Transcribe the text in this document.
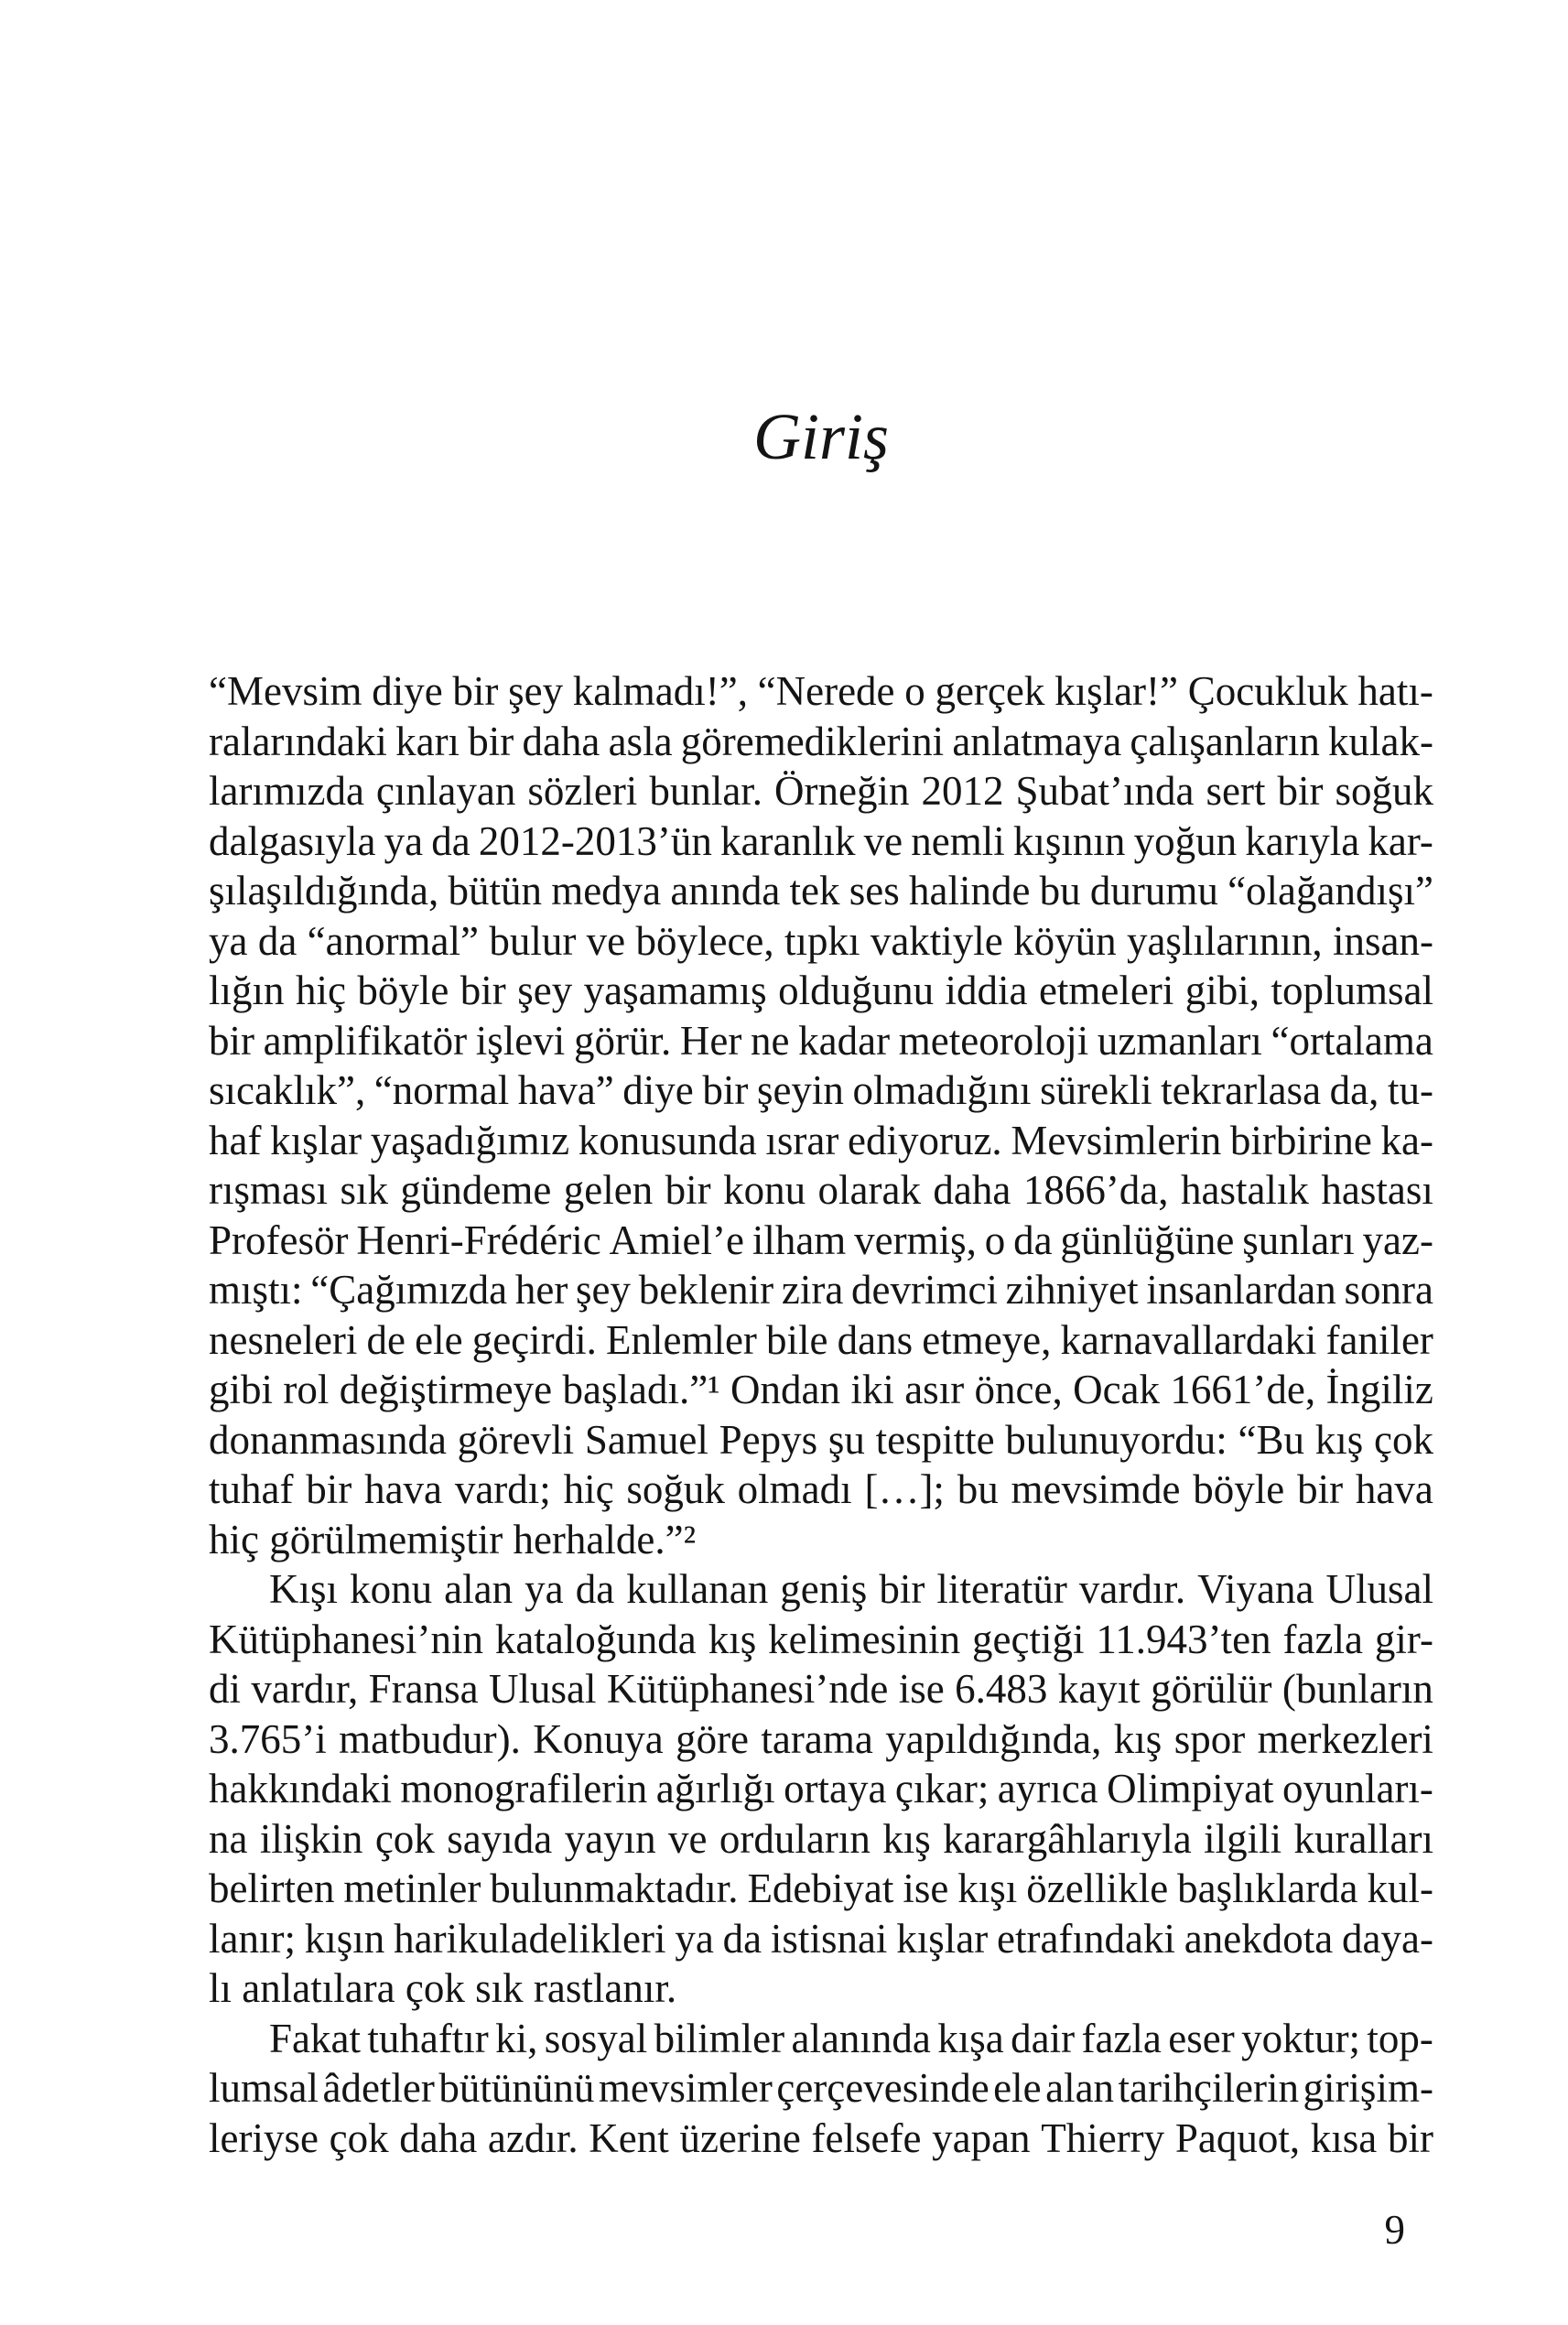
Giriş
“Mevsim diye bir şey kalmadı!”, “Nerede o gerçek kışlar!” Çocukluk hatı-
ralarındaki karı bir daha asla göremediklerini anlatmaya çalışanların kulak-
larımızda çınlayan sözleri bunlar. Örneğin 2012 Şubat’ında sert bir soğuk
dalgasıyla ya da 2012-2013’ün karanlık ve nemli kışının yoğun karıyla kar-
şılaşıldığında, bütün medya anında tek ses halinde bu durumu “olağandışı”
ya da “anormal” bulur ve böylece, tıpkı vaktiyle köyün yaşlılarının, insan-
lığın hiç böyle bir şey yaşamamış olduğunu iddia etmeleri gibi, toplumsal
bir amplifikatör işlevi görür. Her ne kadar meteoroloji uzmanları “ortalama
sıcaklık”, “normal hava” diye bir şeyin olmadığını sürekli tekrarlasa da, tu-
haf kışlar yaşadığımız konusunda ısrar ediyoruz. Mevsimlerin birbirine ka-
rışması sık gündeme gelen bir konu olarak daha 1866’da, hastalık hastası
Profesör Henri-Frédéric Amiel’e ilham vermiş, o da günlüğüne şunları yaz-
mıştı: “Çağımızda her şey beklenir zira devrimci zihniyet insanlardan sonra
nesneleri de ele geçirdi. Enlemler bile dans etmeye, karnavallardaki faniler
gibi rol değiştirmeye başladı.”¹ Ondan iki asır önce, Ocak 1661’de, İngiliz
donanmasında görevli Samuel Pepys şu tespitte bulunuyordu: “Bu kış çok
tuhaf bir hava vardı; hiç soğuk olmadı […]; bu mevsimde böyle bir hava
hiç görülmemiştir herhalde.”²
Kışı konu alan ya da kullanan geniş bir literatür vardır. Viyana Ulusal
Kütüphanesi’nin kataloğunda kış kelimesinin geçtiği 11.943’ten fazla gir-
di vardır, Fransa Ulusal Kütüphanesi’nde ise 6.483 kayıt görülür (bunların
3.765’i matbudur). Konuya göre tarama yapıldığında, kış spor merkezleri
hakkındaki monografilerin ağırlığı ortaya çıkar; ayrıca Olimpiyat oyunları-
na ilişkin çok sayıda yayın ve orduların kış karargâhlarıyla ilgili kuralları
belirten metinler bulunmaktadır. Edebiyat ise kışı özellikle başlıklarda kul-
lanır; kışın harikuladelikleri ya da istisnai kışlar etrafındaki anekdota daya-
lı anlatılara çok sık rastlanır.
Fakat tuhaftır ki, sosyal bilimler alanında kışa dair fazla eser yoktur; top-
lumsal âdetler bütününü mevsimler çerçevesinde ele alan tarihçilerin girişim-
leriyse çok daha azdır. Kent üzerine felsefe yapan Thierry Paquot, kısa bir
9
